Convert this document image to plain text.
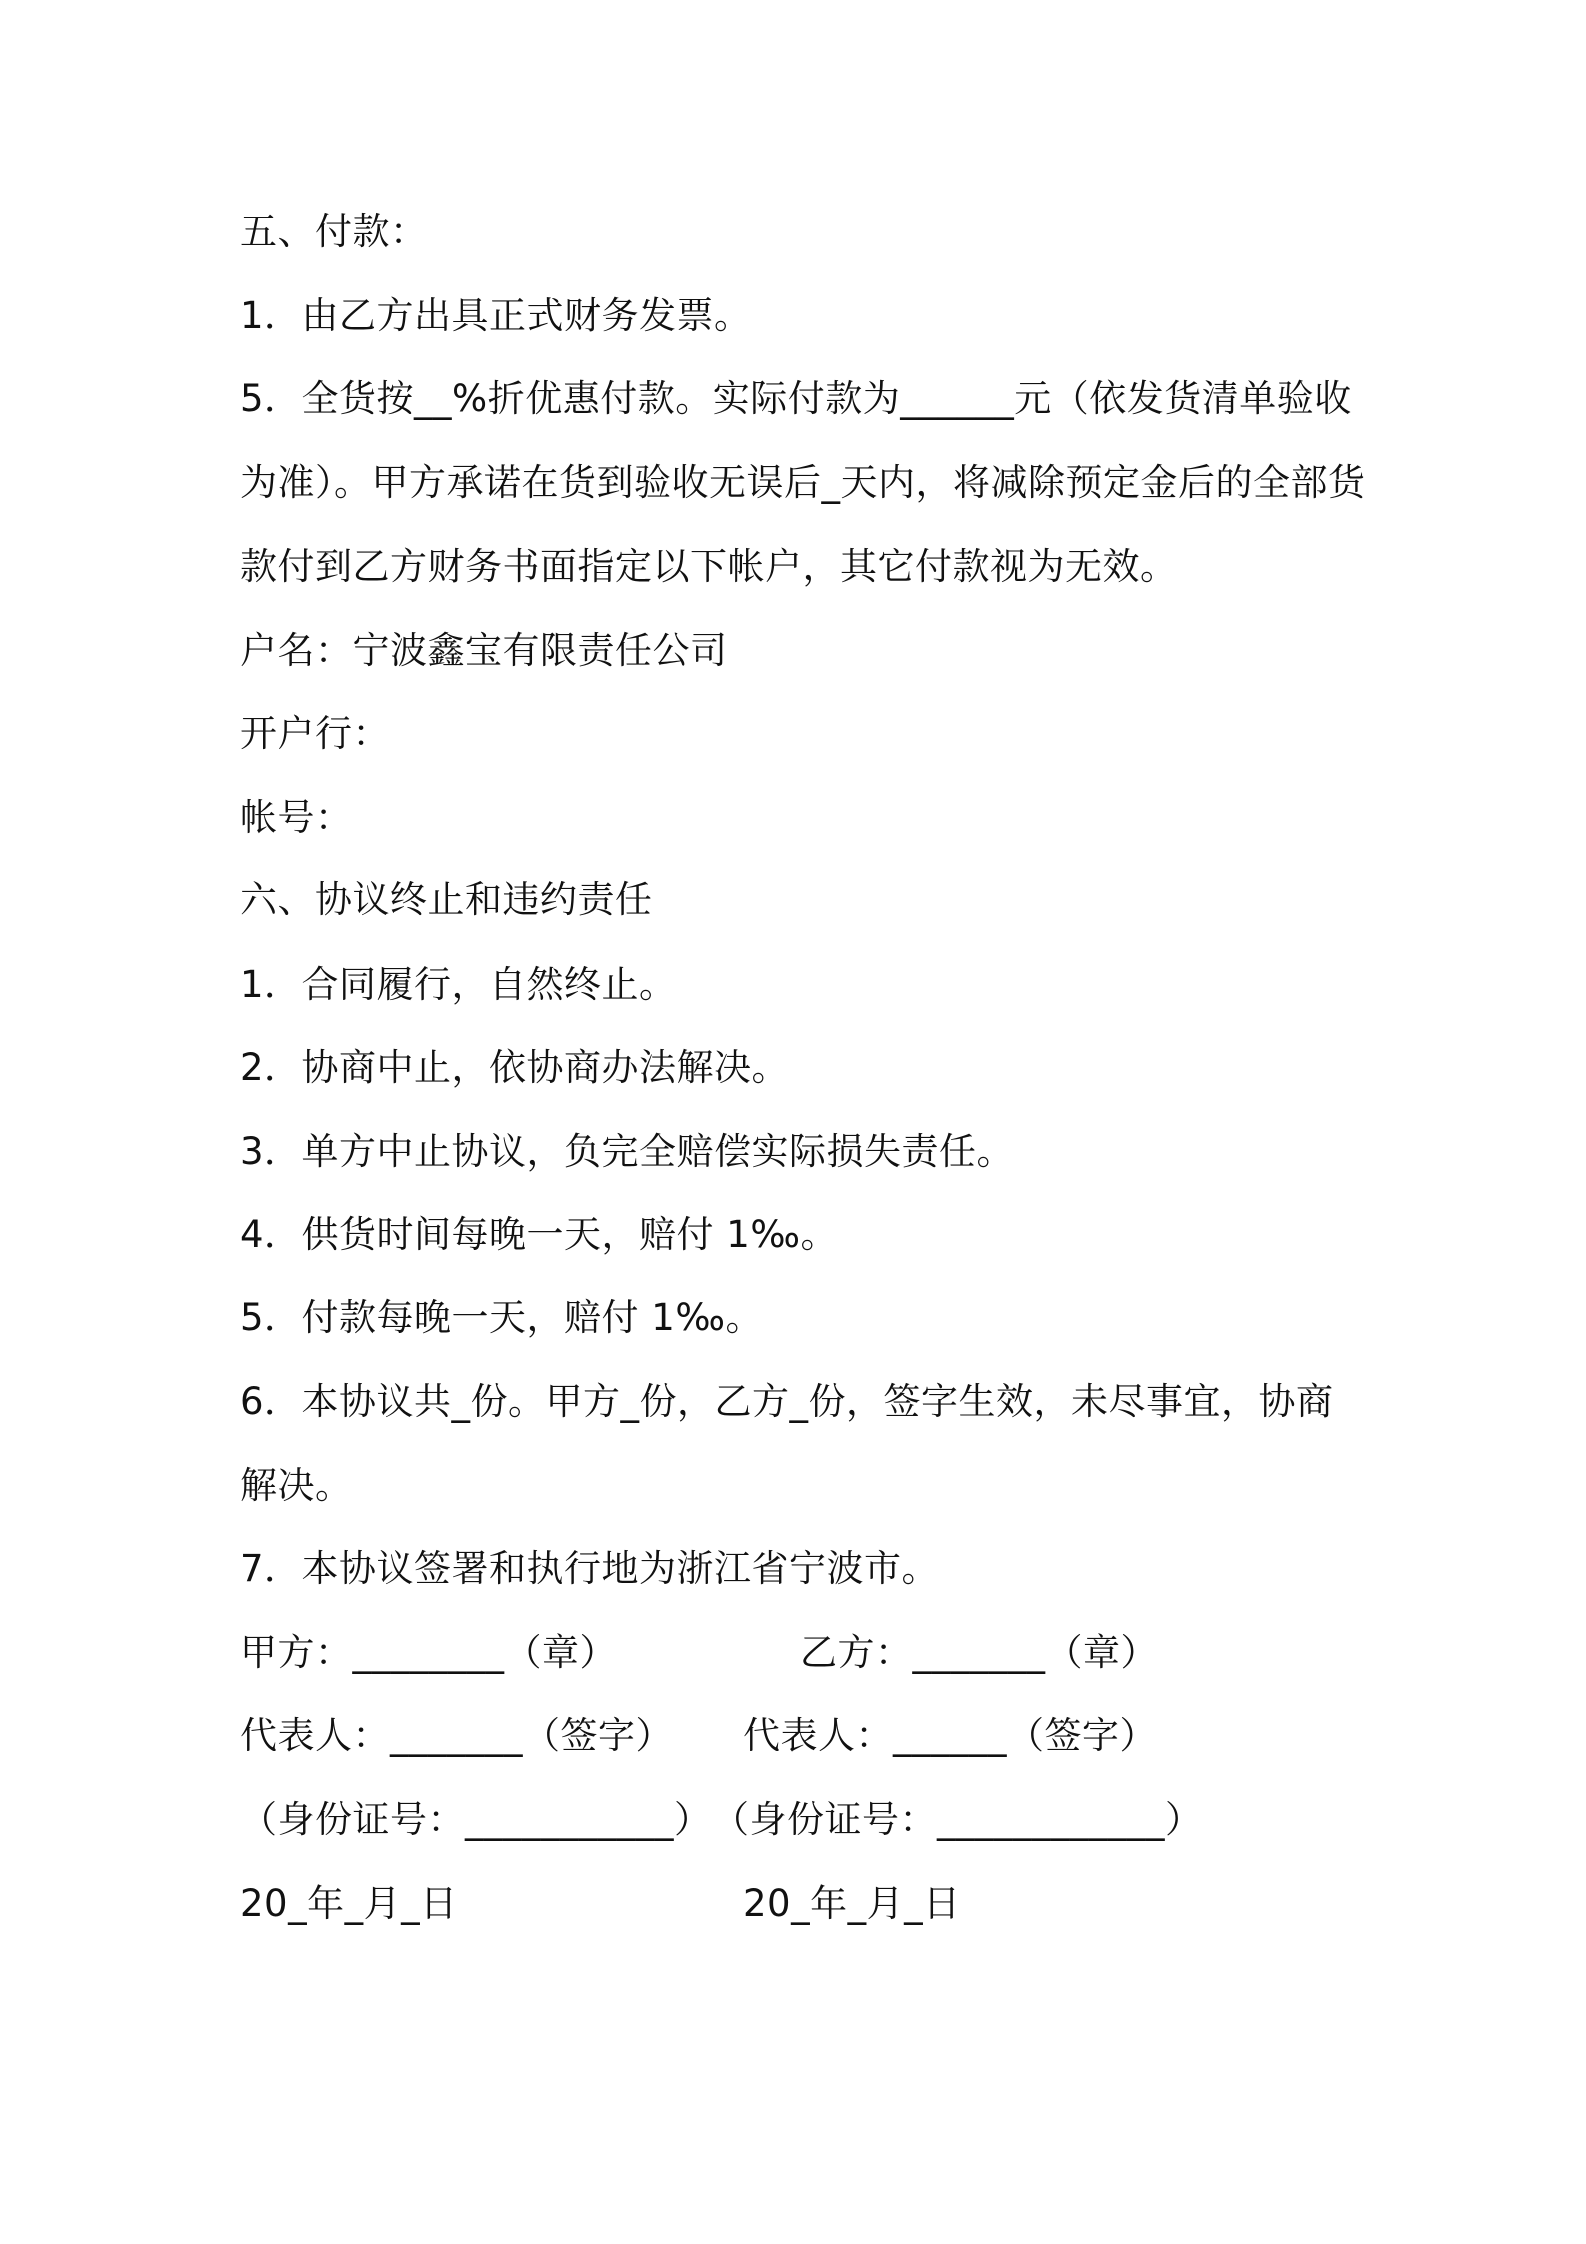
五、付款：
1．由乙方出具正式财务发票。
5．全货按__%折优惠付款。实际付款为______元（依发货清单验收
为准）。甲方承诺在货到验收无误后_天内，将减除预定金后的全部货
款付到乙方财务书面指定以下帐户，其它付款视为无效。
户名：宁波鑫宝有限责任公司
开户行：
帐号：
六、协议终止和违约责任
1．合同履行，自然终止。
2．协商中止，依协商办法解决。
3．单方中止协议，负完全赔偿实际损失责任。
4．供货时间每晚一天，赔付 1‰。
5．付款每晚一天，赔付 1‰。
6．本协议共_份。甲方_份，乙方_份，签字生效，未尽事宜，协商
解决。
7．本协议签署和执行地为浙江省宁波市。
甲方：________（章）	乙方：_______（章）
代表人：_______（签字） 代表人：______（签字）
（身份证号：___________） （身份证号：____________）
20_年_月_日	20_年_月_日
